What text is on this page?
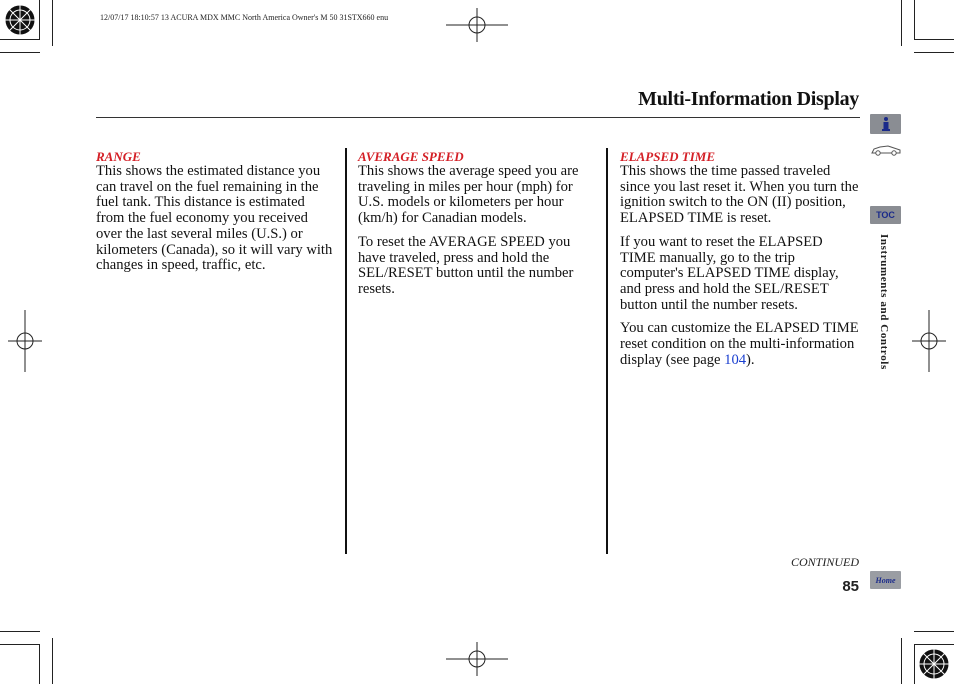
12/07/17 18:10:57 13 ACURA MDX MMC North America Owner's M 50 31STX660 enu
Multi-Information Display
RANGE

This shows the estimated distance you can travel on the fuel remaining in the fuel tank. This distance is estimated from the fuel economy you received over the last several miles (U.S.) or kilometers (Canada), so it will vary with changes in speed, traffic, etc.

AVERAGE SPEED

This shows the average speed you are traveling in miles per hour (mph) for U.S. models or kilometers per hour (km/h) for Canadian models.

To reset the AVERAGE SPEED you have traveled, press and hold the SEL/RESET button until the number resets.

ELAPSED TIME

This shows the time passed traveled since you last reset it. When you turn the ignition switch to the ON (II) position, ELAPSED TIME is reset.

If you want to reset the ELAPSED TIME manually, go to the trip computer's ELAPSED TIME display, and press and hold the SEL/RESET button until the number resets.

You can customize the ELAPSED TIME reset condition on the multi-information display (see page 104).

CONTINUED
85
TOC
Instruments and Controls
Home
